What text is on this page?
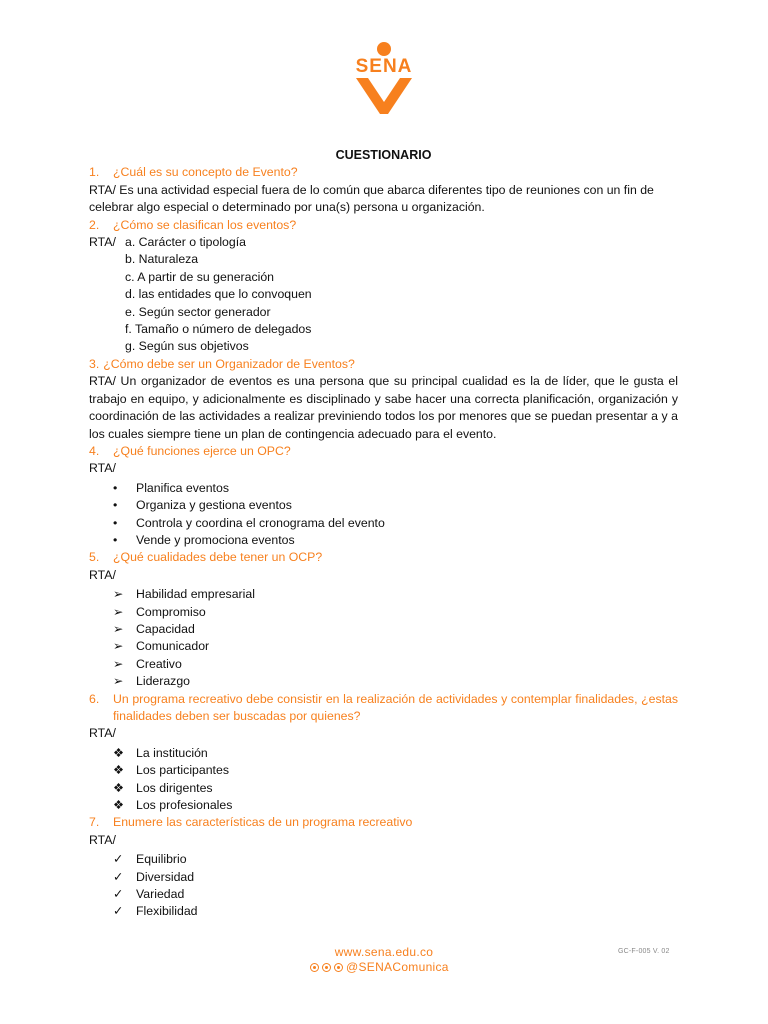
SENA
CUESTIONARIO
1.	¿Cuál es su concepto de Evento?
RTA/ Es una actividad especial fuera de lo común que abarca diferentes tipo de reuniones con un fin de
celebrar algo especial o determinado por una(s) persona u organización.
2.	¿Cómo se clasifican los eventos?
RTA/ a. Carácter o tipología
b. Naturaleza
c. A partir de su generación
d. las entidades que lo convoquen
e. Según sector generador
f. Tamaño o número de delegados
g. Según sus objetivos
3. ¿Cómo debe ser un Organizador de Eventos?
RTA/ Un organizador de eventos es una persona que su principal cualidad es la de líder, que le gusta el trabajo en equipo, y adicionalmente es disciplinado y sabe hacer una correcta planificación, organización y coordinación de las actividades a realizar previniendo todos los por menores que se puedan presentar a y a los cuales siempre tiene un plan de contingencia adecuado para el evento.
4.	¿Qué funciones ejerce un OPC?
RTA/
•	Planifica eventos
•	Organiza y gestiona eventos
•	Controla y coordina el cronograma del evento
•	Vende y promociona eventos
5.	¿Qué cualidades debe tener un OCP?
RTA/
➢	Habilidad empresarial
➢	Compromiso
➢	Capacidad
➢	Comunicador
➢	Creativo
➢	Liderazgo
6.	Un programa recreativo debe consistir en la realización de actividades y contemplar finalidades, ¿estas finalidades deben ser buscadas por quienes?
RTA/
❖ La institución
❖ Los participantes
❖ Los dirigentes
❖ Los profesionales
7.	Enumere las características de un programa recreativo
RTA/
✓	Equilibrio
✓	Diversidad
✓	Variedad
✓	Flexibilidad
www.sena.edu.co
@SENAComunica
GC-F-005 V. 02
